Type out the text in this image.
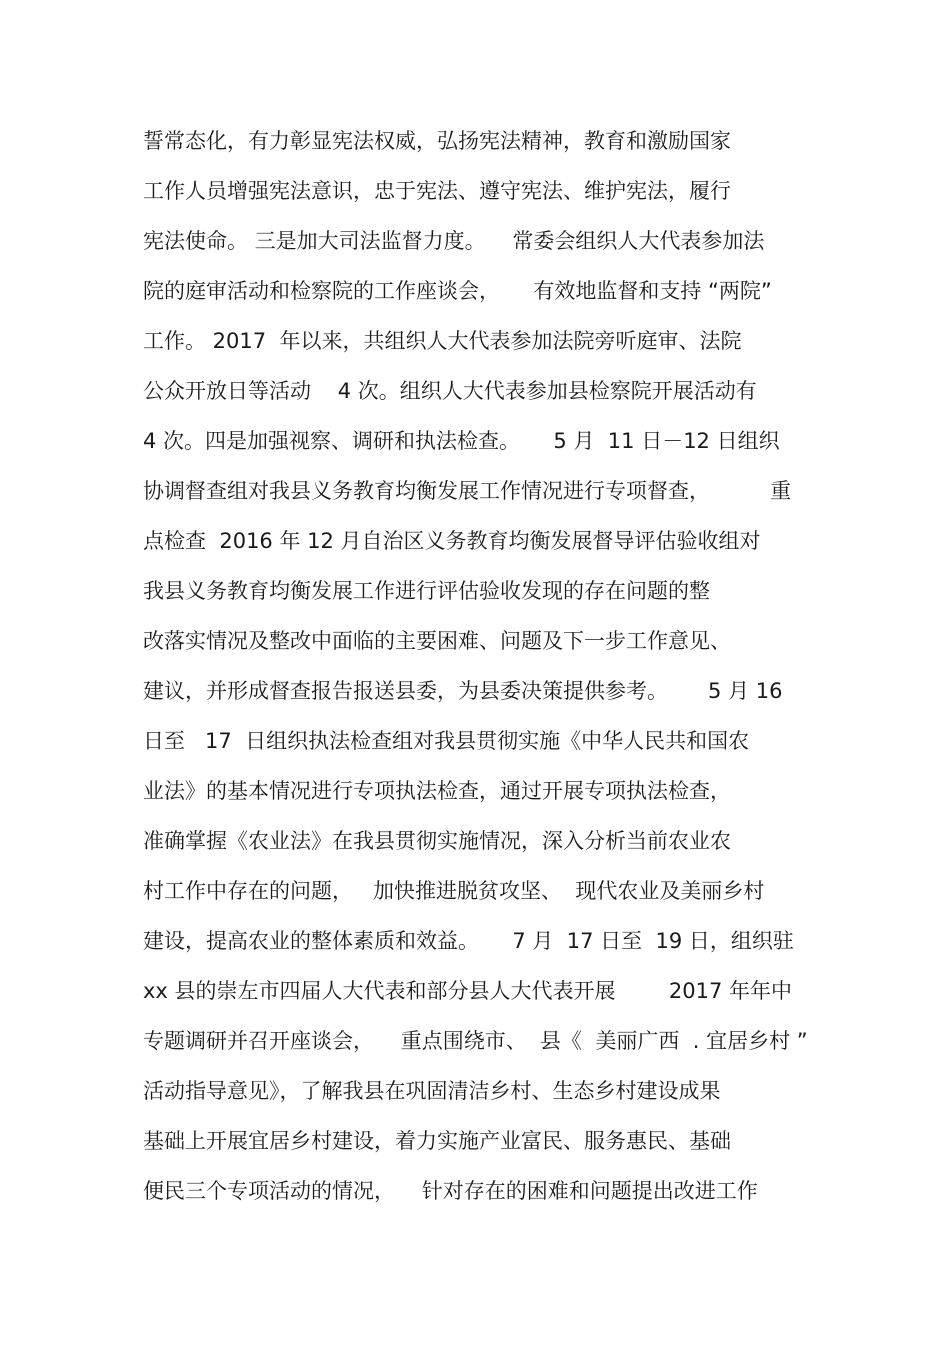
誓常态化，有力彰显宪法权威，弘扬宪法精神，教育和激励国家
工作人员增强宪法意识，忠于宪法、遵守宪法、维护宪法，履行
宪法使命。 三是加大司法监督力度。    常委会组织人大代表参加法
院的庭审活动和检察院的工作座谈会，     有效地监督和支持 “两院”
工作。 2017  年以来，共组织人大代表参加法院旁听庭审、法院
公众开放日等活动    4 次。组织人大代表参加县检察院开展活动有
4 次。四是加强视察、调研和执法检查。     5 月  11 日－12 日组织
协调督查组对我县义务教育均衡发展工作情况进行专项督查，         重
点检查  2016 年 12 月自治区义务教育均衡发展督导评估验收组对
我县义务教育均衡发展工作进行评估验收发现的存在问题的整
改落实情况及整改中面临的主要困难、问题及下一步工作意见、
建议，并形成督查报告报送县委，为县委决策提供参考。      5 月 16
日至   17  日组织执法检查组对我县贯彻实施《中华人民共和国农
业法》的基本情况进行专项执法检查，通过开展专项执法检查，
准确掌握《农业法》在我县贯彻实施情况，深入分析当前农业农
村工作中存在的问题，   加快推进脱贫攻坚、  现代农业及美丽乡村
建设，提高农业的整体素质和效益。     7 月  17 日至  19 日，组织驻
xx 县的崇左市四届人大代表和部分县人大代表开展        2017 年年中
专题调研并召开座谈会，    重点围绕市、  县《  美丽广西  . 宜居乡村 ”
活动指导意见》，了解我县在巩固清洁乡村、生态乡村建设成果
基础上开展宜居乡村建设，着力实施产业富民、服务惠民、基础
便民三个专项活动的情况，    针对存在的困难和问题提出改进工作
